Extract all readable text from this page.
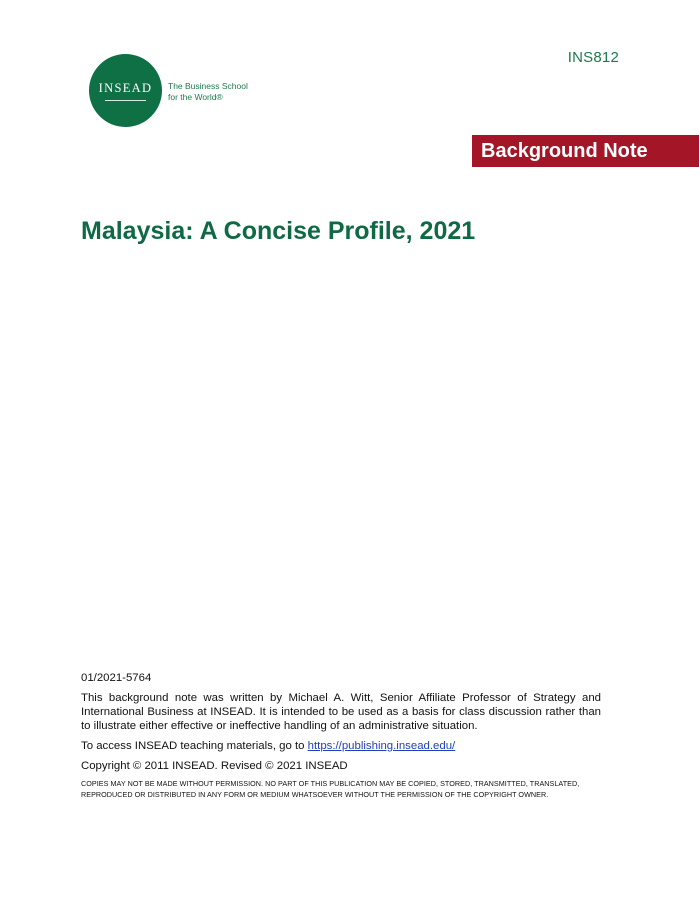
INS812
INSEAD	The Business School
for the World®
Background Note
Malaysia: A Concise Profile, 2021

01/2021-5764

This background note was written by Michael A. Witt, Senior Affiliate Professor of Strategy and International Business at INSEAD. It is intended to be used as a basis for class discussion rather than to illustrate either effective or ineffective handling of an administrative situation.

To access INSEAD teaching materials, go to https://publishing.insead.edu/

Copyright © 2011 INSEAD. Revised © 2021 INSEAD

COPIES MAY NOT BE MADE WITHOUT PERMISSION. NO PART OF THIS PUBLICATION MAY BE COPIED, STORED, TRANSMITTED, TRANSLATED,
REPRODUCED OR DISTRIBUTED IN ANY FORM OR MEDIUM WHATSOEVER WITHOUT THE PERMISSION OF THE COPYRIGHT OWNER.
